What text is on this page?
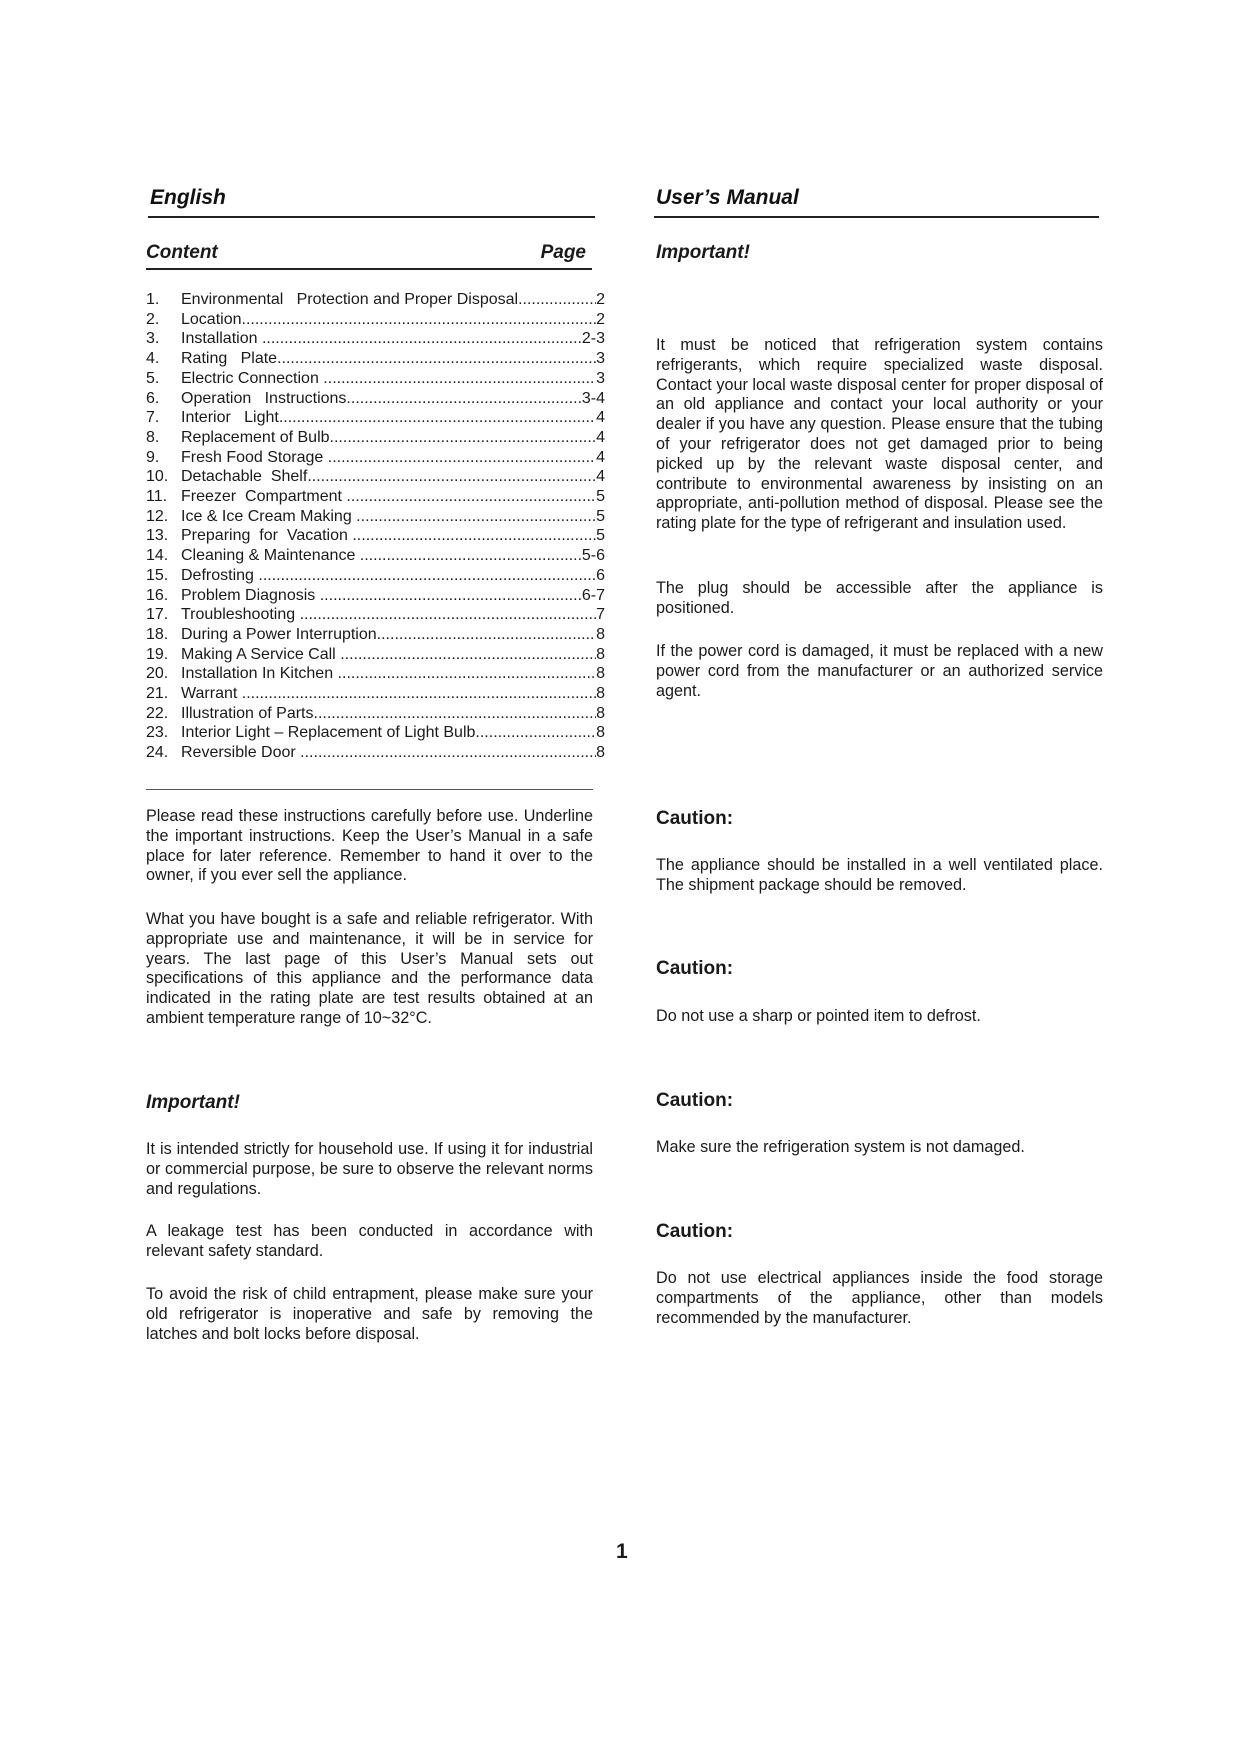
English	User’s Manual
Content	Page
1.	Environmental   Protection and Proper Disposal .....	2
2.	Location .....	2
3.	Installation .....	2-3
4.	Rating   Plate .....	3
5.	Electric Connection .....	3
6.	Operation   Instructions .....	3-4
7.	Interior   Light .....	4
8.	Replacement of Bulb .....	4
9.	Fresh Food Storage .....	4
10. Detachable  Shelf .....	4
11. Freezer  Compartment .....	5
12. Ice & Ice Cream Making .....	5
13. Preparing  for  Vacation .....	5
14. Cleaning & Maintenance .....	5-6
15. Defrosting .....	6
16. Problem Diagnosis .....	6-7
17. Troubleshooting .....	7
18. During a Power Interruption .....	8
19. Making A Service Call .....	8
20. Installation In Kitchen .....	8
21. Warrant .....	8
22. Illustration of Parts .....	8
23. Interior Light – Replacement of Light Bulb .....	8
24. Reversible Door .....	8
Please read these instructions carefully before use. Underline the important instructions. Keep the User’s Manual in a safe place for later reference. Remember to hand it over to the owner, if you ever sell the appliance.
What you have bought is a safe and reliable refrigerator. With appropriate use and maintenance, it will be in service for years. The last page of this User’s Manual sets out specifications of this appliance and the performance data indicated in the rating plate are test results obtained at an ambient temperature range of 10~32°C.
Important!
It is intended strictly for household use. If using it for industrial or commercial purpose, be sure to observe the relevant norms and regulations.
A leakage test has been conducted in accordance with relevant safety standard.
To avoid the risk of child entrapment, please make sure your old refrigerator is inoperative and safe by removing the latches and bolt locks before disposal.
Important!
It must be noticed that refrigeration system contains refrigerants, which require specialized waste disposal. Contact your local waste disposal center for proper disposal of an old appliance and contact your local authority or your dealer if you have any question. Please ensure that the tubing of your refrigerator does not get damaged prior to being picked up by the relevant waste disposal center, and contribute to environmental awareness by insisting on an appropriate, anti-pollution method of disposal. Please see the rating plate for the type of refrigerant and insulation used.
The plug should be accessible after the appliance is positioned.
If the power cord is damaged, it must be replaced with a new power cord from the manufacturer or an authorized service agent.
Caution:
The appliance should be installed in a well ventilated place. The shipment package should be removed.
Caution:
Do not use a sharp or pointed item to defrost.
Caution:
Make sure the refrigeration system is not damaged.
Caution:
Do not use electrical appliances inside the food storage compartments of the appliance, other than models recommended by the manufacturer.
1
